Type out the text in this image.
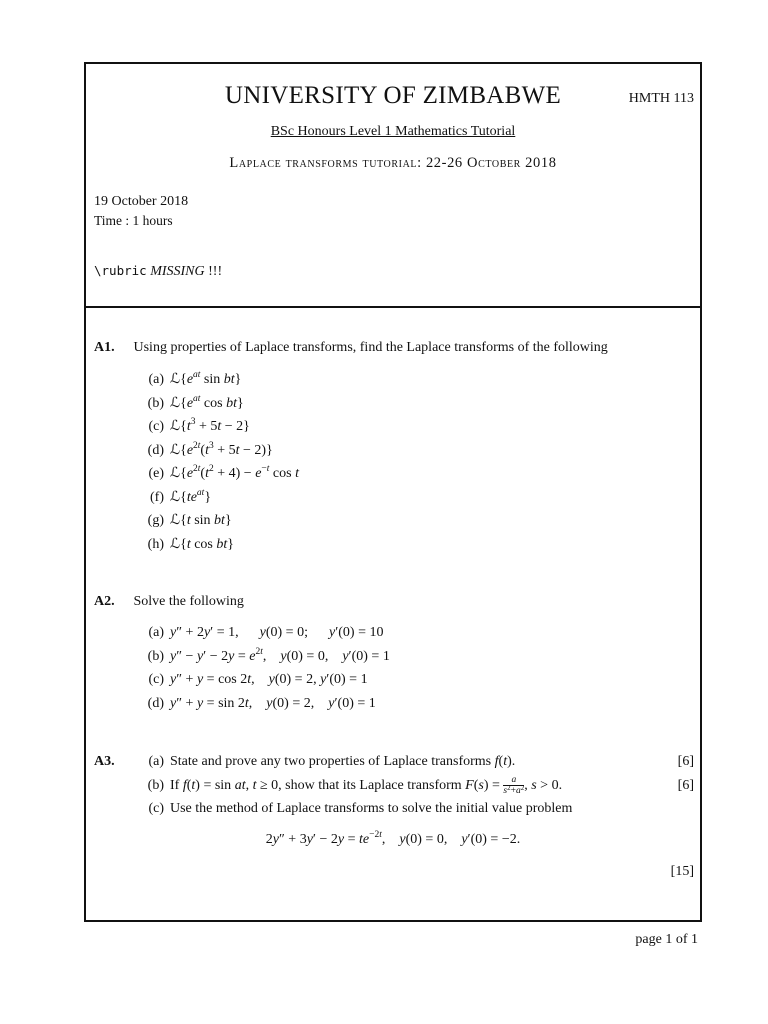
UNIVERSITY OF ZIMBABWE	HMTH 113
BSc Honours Level 1 Mathematics Tutorial
Laplace transforms tutorial: 22-26 October 2018
19 October 2018
Time : 1 hours
\rubric MISSING !!!
A1. Using properties of Laplace transforms, find the Laplace transforms of the following
(a) $ℒ\{e^{at}$ sin bt}
(b) $ℒ\{e^{at}$ cos bt}
(c) $ℒ\{t^3 + 5t - 2\}$
(d) $ℒ\{e^{2t}(t^3 + 5t - 2)\}$
(e) $ℒ\{e^{2t}(t^2 + 4) - e^{-t}$ cos t
(f) $ℒ\{te^{at}\}$
(g) ℒ{t sin bt}
(h) ℒ{t cos bt}
A2. Solve the following
(a) y″ + 2y′ = 1,      y(0) = 0;      y′(0) = 10
(b) $y'' - y' - 2y = e^{2t}$,    y(0) = 0,    y′(0) = 1
(c) y″ + y = cos 2t,    y(0) = 2, y′(0) = 1
(d) y″ + y = sin 2t,    y(0) = 2,    y′(0) = 1
A3.	(a) State and prove any two properties of Laplace transforms f(t).
(b) If f(t) = sin at, t ≥ 0, show that its Laplace transform $F(s) = \frac{a}{s^2+a^2}$ , s > 0.
(c) Use the method of Laplace transforms to solve the initial value problem
[6]
[6]
$2y'' + 3y' - 2y = te^{-2t}$,    y(0) = 0,    y′(0) = −2.
[15]
page 1 of 1
